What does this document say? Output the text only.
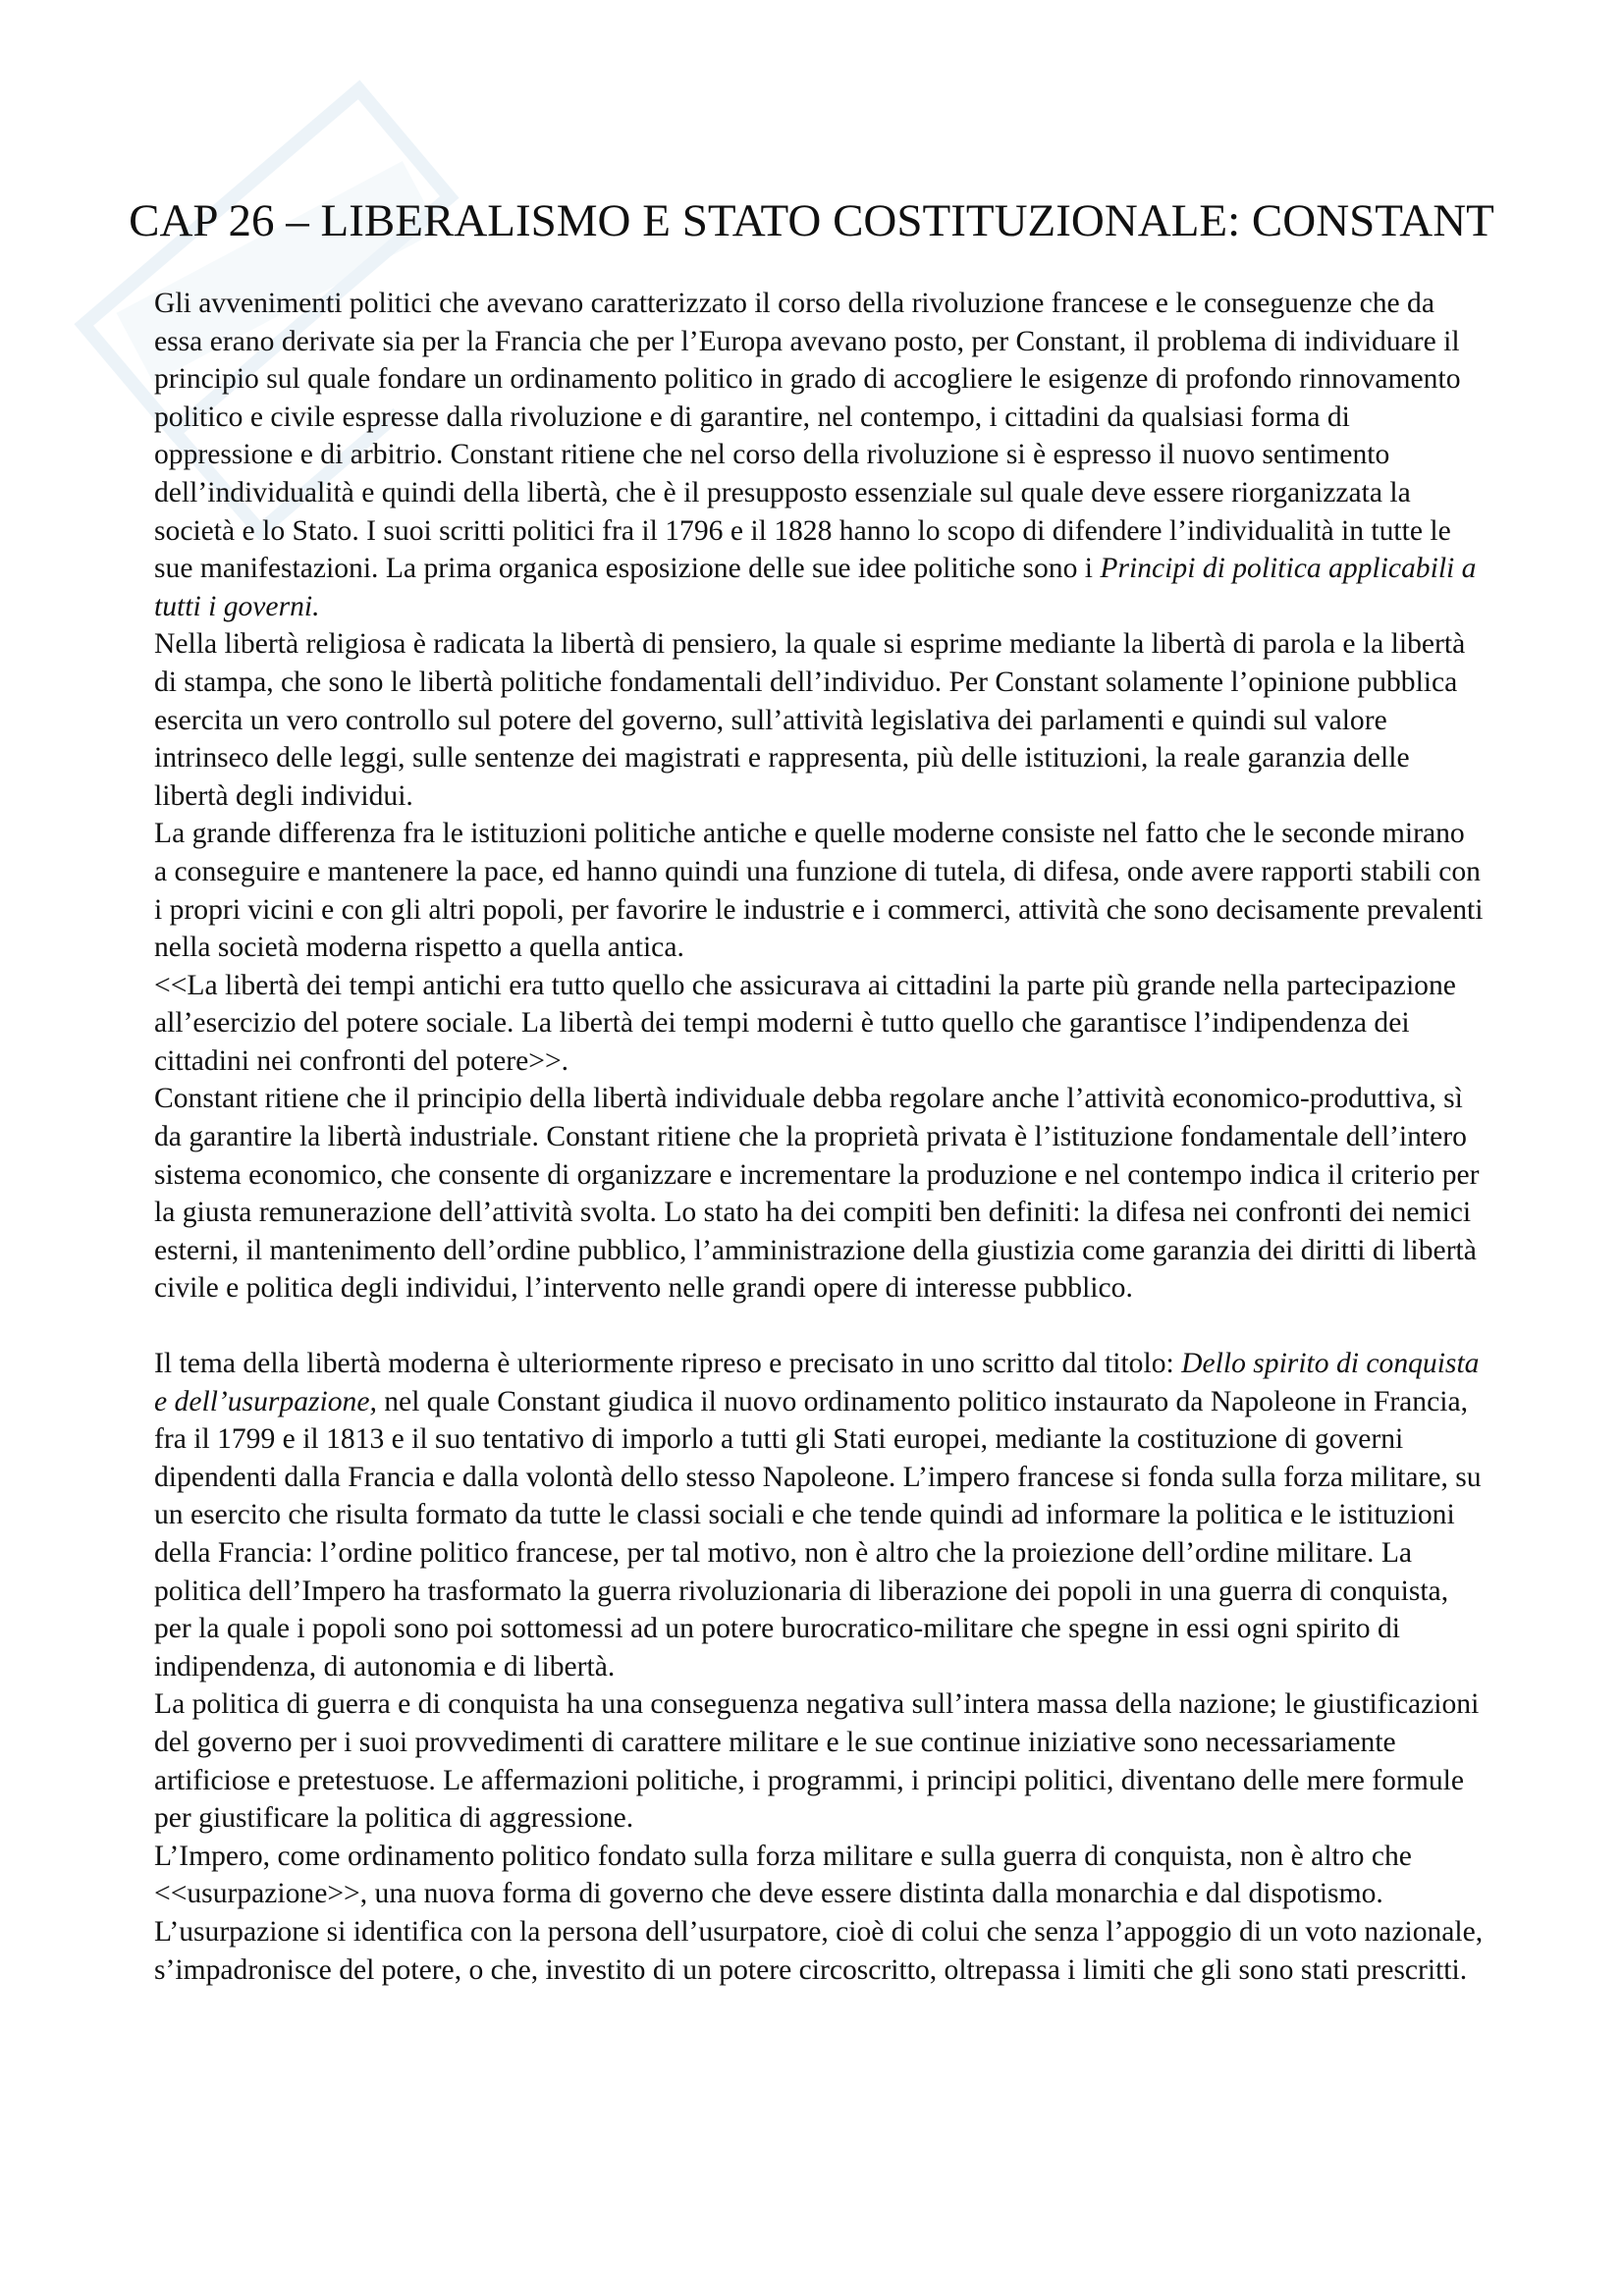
CAP 26 – LIBERALISMO E STATO COSTITUZIONALE: CONSTANT

Gli avvenimenti politici che avevano caratterizzato il corso della rivoluzione francese e le conseguenze che da essa erano derivate sia per la Francia che per l’Europa avevano posto, per Constant, il problema di individuare il principio sul quale fondare un ordinamento politico in grado di accogliere le esigenze di profondo rinnovamento politico e civile espresse dalla rivoluzione e di garantire, nel contempo, i cittadini da qualsiasi forma di oppressione e di arbitrio. Constant ritiene che nel corso della rivoluzione si è espresso il nuovo sentimento dell’individualità e quindi della libertà, che è il presupposto essenziale sul quale deve essere riorganizzata la società e lo Stato. I suoi scritti politici fra il 1796 e il 1828 hanno lo scopo di difendere l’individualità in tutte le sue manifestazioni. La prima organica esposizione delle sue idee politiche sono i Principi di politica applicabili a tutti i governi.

Nella libertà religiosa è radicata la libertà di pensiero, la quale si esprime mediante la libertà di parola e la libertà di stampa, che sono le libertà politiche fondamentali dell’individuo. Per Constant solamente l’opinione pubblica esercita un vero controllo sul potere del governo, sull’attività legislativa dei parlamenti e quindi sul valore intrinseco delle leggi, sulle sentenze dei magistrati e rappresenta, più delle istituzioni, la reale garanzia delle libertà degli individui.

La grande differenza fra le istituzioni politiche antiche e quelle moderne consiste nel fatto che le seconde mirano a conseguire e mantenere la pace, ed hanno quindi una funzione di tutela, di difesa, onde avere rapporti stabili con i propri vicini e con gli altri popoli, per favorire le industrie e i commerci, attività che sono decisamente prevalenti nella società moderna rispetto a quella antica.

<<La libertà dei tempi antichi era tutto quello che assicurava ai cittadini la parte più grande nella partecipazione all’esercizio del potere sociale. La libertà dei tempi moderni è tutto quello che garantisce l’indipendenza dei cittadini nei confronti del potere>>.

Constant ritiene che il principio della libertà individuale debba regolare anche l’attività economico-produttiva, sì da garantire la libertà industriale. Constant ritiene che la proprietà privata è l’istituzione fondamentale dell’intero sistema economico, che consente di organizzare e incrementare la produzione e nel contempo indica il criterio per la giusta remunerazione dell’attività svolta. Lo stato ha dei compiti ben definiti: la difesa nei confronti dei nemici esterni, il mantenimento dell’ordine pubblico, l’amministrazione della giustizia come garanzia dei diritti di libertà civile e politica degli individui, l’intervento nelle grandi opere di interesse pubblico.

Il tema della libertà moderna è ulteriormente ripreso e precisato in uno scritto dal titolo: Dello spirito di conquista e dell’usurpazione, nel quale Constant giudica il nuovo ordinamento politico instaurato da Napoleone in Francia, fra il 1799 e il 1813 e il suo tentativo di imporlo a tutti gli Stati europei, mediante la costituzione di governi dipendenti dalla Francia e dalla volontà dello stesso Napoleone. L’impero francese si fonda sulla forza militare, su un esercito che risulta formato da tutte le classi sociali e che tende quindi ad informare la politica e le istituzioni della Francia: l’ordine politico francese, per tal motivo, non è altro che la proiezione dell’ordine militare. La politica dell’Impero ha trasformato la guerra rivoluzionaria di liberazione dei popoli in una guerra di conquista, per la quale i popoli sono poi sottomessi ad un potere burocratico-militare che spegne in essi ogni spirito di indipendenza, di autonomia e di libertà.

La politica di guerra e di conquista ha una conseguenza negativa sull’intera massa della nazione; le giustificazioni del governo per i suoi provvedimenti di carattere militare e le sue continue iniziative sono necessariamente artificiose e pretestuose. Le affermazioni politiche, i programmi, i principi politici, diventano delle mere formule per giustificare la politica di aggressione.

L’Impero, come ordinamento politico fondato sulla forza militare e sulla guerra di conquista, non è altro che <<usurpazione>>, una nuova forma di governo che deve essere distinta dalla monarchia e dal dispotismo. L’usurpazione si identifica con la persona dell’usurpatore, cioè di colui che senza l’appoggio di un voto nazionale, s’impadronisce del potere, o che, investito di un potere circoscritto, oltrepassa i limiti che gli sono stati prescritti.
